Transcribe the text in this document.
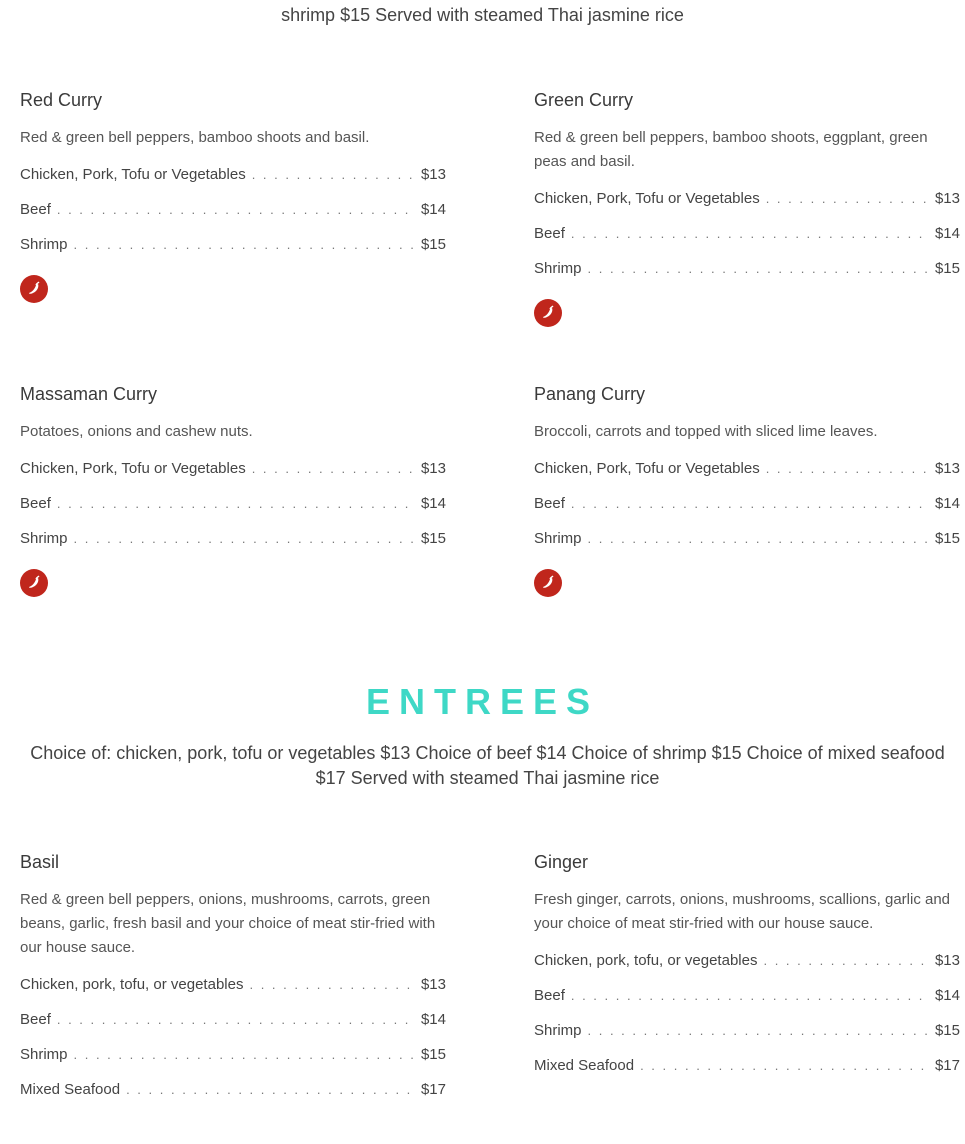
shrimp $15 Served with steamed Thai jasmine rice
Red Curry
Red & green bell peppers, bamboo shoots and basil.
Chicken, Pork, Tofu or Vegetables . . .	$13
Beef . . .	$14
Shrimp . . .	$15
Green Curry
Red & green bell peppers, bamboo shoots, eggplant, green peas and basil.
Chicken, Pork, Tofu or Vegetables . . .	$13
Beef . . .	$14
Shrimp . . .	$15
Massaman Curry
Potatoes, onions and cashew nuts.
Chicken, Pork, Tofu or Vegetables . . .	$13
Beef . . .	$14
Shrimp . . .	$15
Panang Curry
Broccoli, carrots and topped with sliced lime leaves.
Chicken, Pork, Tofu or Vegetables . . .	$13
Beef . . .	$14
Shrimp . . .	$15
ENTREES
Choice of: chicken, pork, tofu or vegetables $13 Choice of beef $14 Choice of shrimp $15 Choice of mixed seafood $17 Served with steamed Thai jasmine rice
Basil
Red & green bell peppers, onions, mushrooms, carrots, green beans, garlic, fresh basil and your choice of meat stir-fried with our house sauce.
Chicken, pork, tofu, or vegetables . . .	$13
Beef . . .	$14
Shrimp . . .	$15
Mixed Seafood . . .	$17
Ginger
Fresh ginger, carrots, onions, mushrooms, scallions, garlic and your choice of meat stir-fried with our house sauce.
Chicken, pork, tofu, or vegetables . . .	$13
Beef . . .	$14
Shrimp . . .	$15
Mixed Seafood . . .	$17
